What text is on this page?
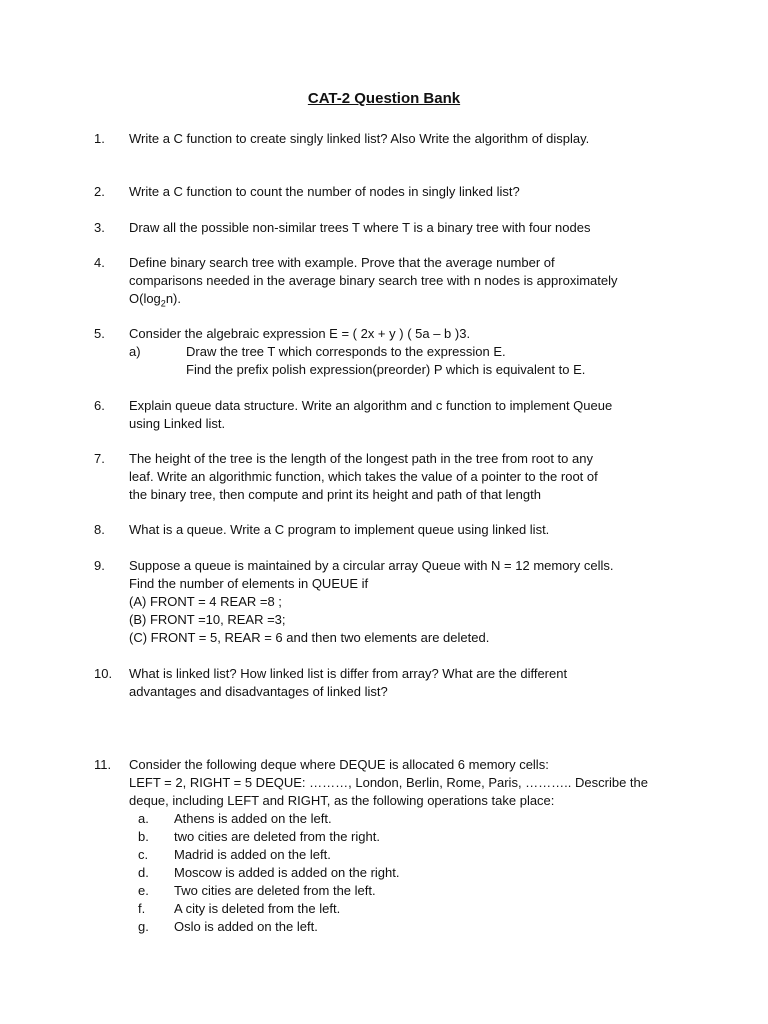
CAT-2 Question Bank
1. Write a C function to create singly linked list? Also Write the algorithm of display.
2. Write a C function to count the number of nodes in singly linked list?
3. Draw all the possible non-similar trees T where T is a binary tree with four nodes
4. Define binary search tree with example. Prove that the average number of
comparisons needed in the average binary search tree with n nodes is approximately
$O(\log_2n)$.
5. Consider the algebraic expression E = ( 2x + y ) ( 5a – b )3.
a)	Draw the tree T which corresponds to the expression E.
Find the prefix polish expression(preorder) P which is equivalent to E.
6. Explain queue data structure. Write an algorithm and c function to implement Queue
using Linked list.
7. The height of the tree is the length of the longest path in the tree from root to any
leaf. Write an algorithmic function, which takes the value of a pointer to the root of
the binary tree, then compute and print its height and path of that length
8. What is a queue. Write a C program to implement queue using linked list.
9. Suppose a queue is maintained by a circular array Queue with N = 12 memory cells.
Find the number of elements in QUEUE if
(A) FRONT = 4 REAR =8 ;
(B) FRONT =10, REAR =3;
(C) FRONT = 5, REAR = 6 and then two elements are deleted.
10. What is linked list? How linked list is differ from array? What are the different
advantages and disadvantages of linked list?
11. Consider the following deque where DEQUE is allocated 6 memory cells:
LEFT = 2, RIGHT = 5 DEQUE: ………, London, Berlin, Rome, Paris, ……….. Describe the
deque, including LEFT and RIGHT, as the following operations take place:
a. Athens is added on the left.
b. two cities are deleted from the right.
c. Madrid is added on the left.
d. Moscow is added is added on the right.
e. Two cities are deleted from the left.
f. A city is deleted from the left.
g. Oslo is added on the left.
